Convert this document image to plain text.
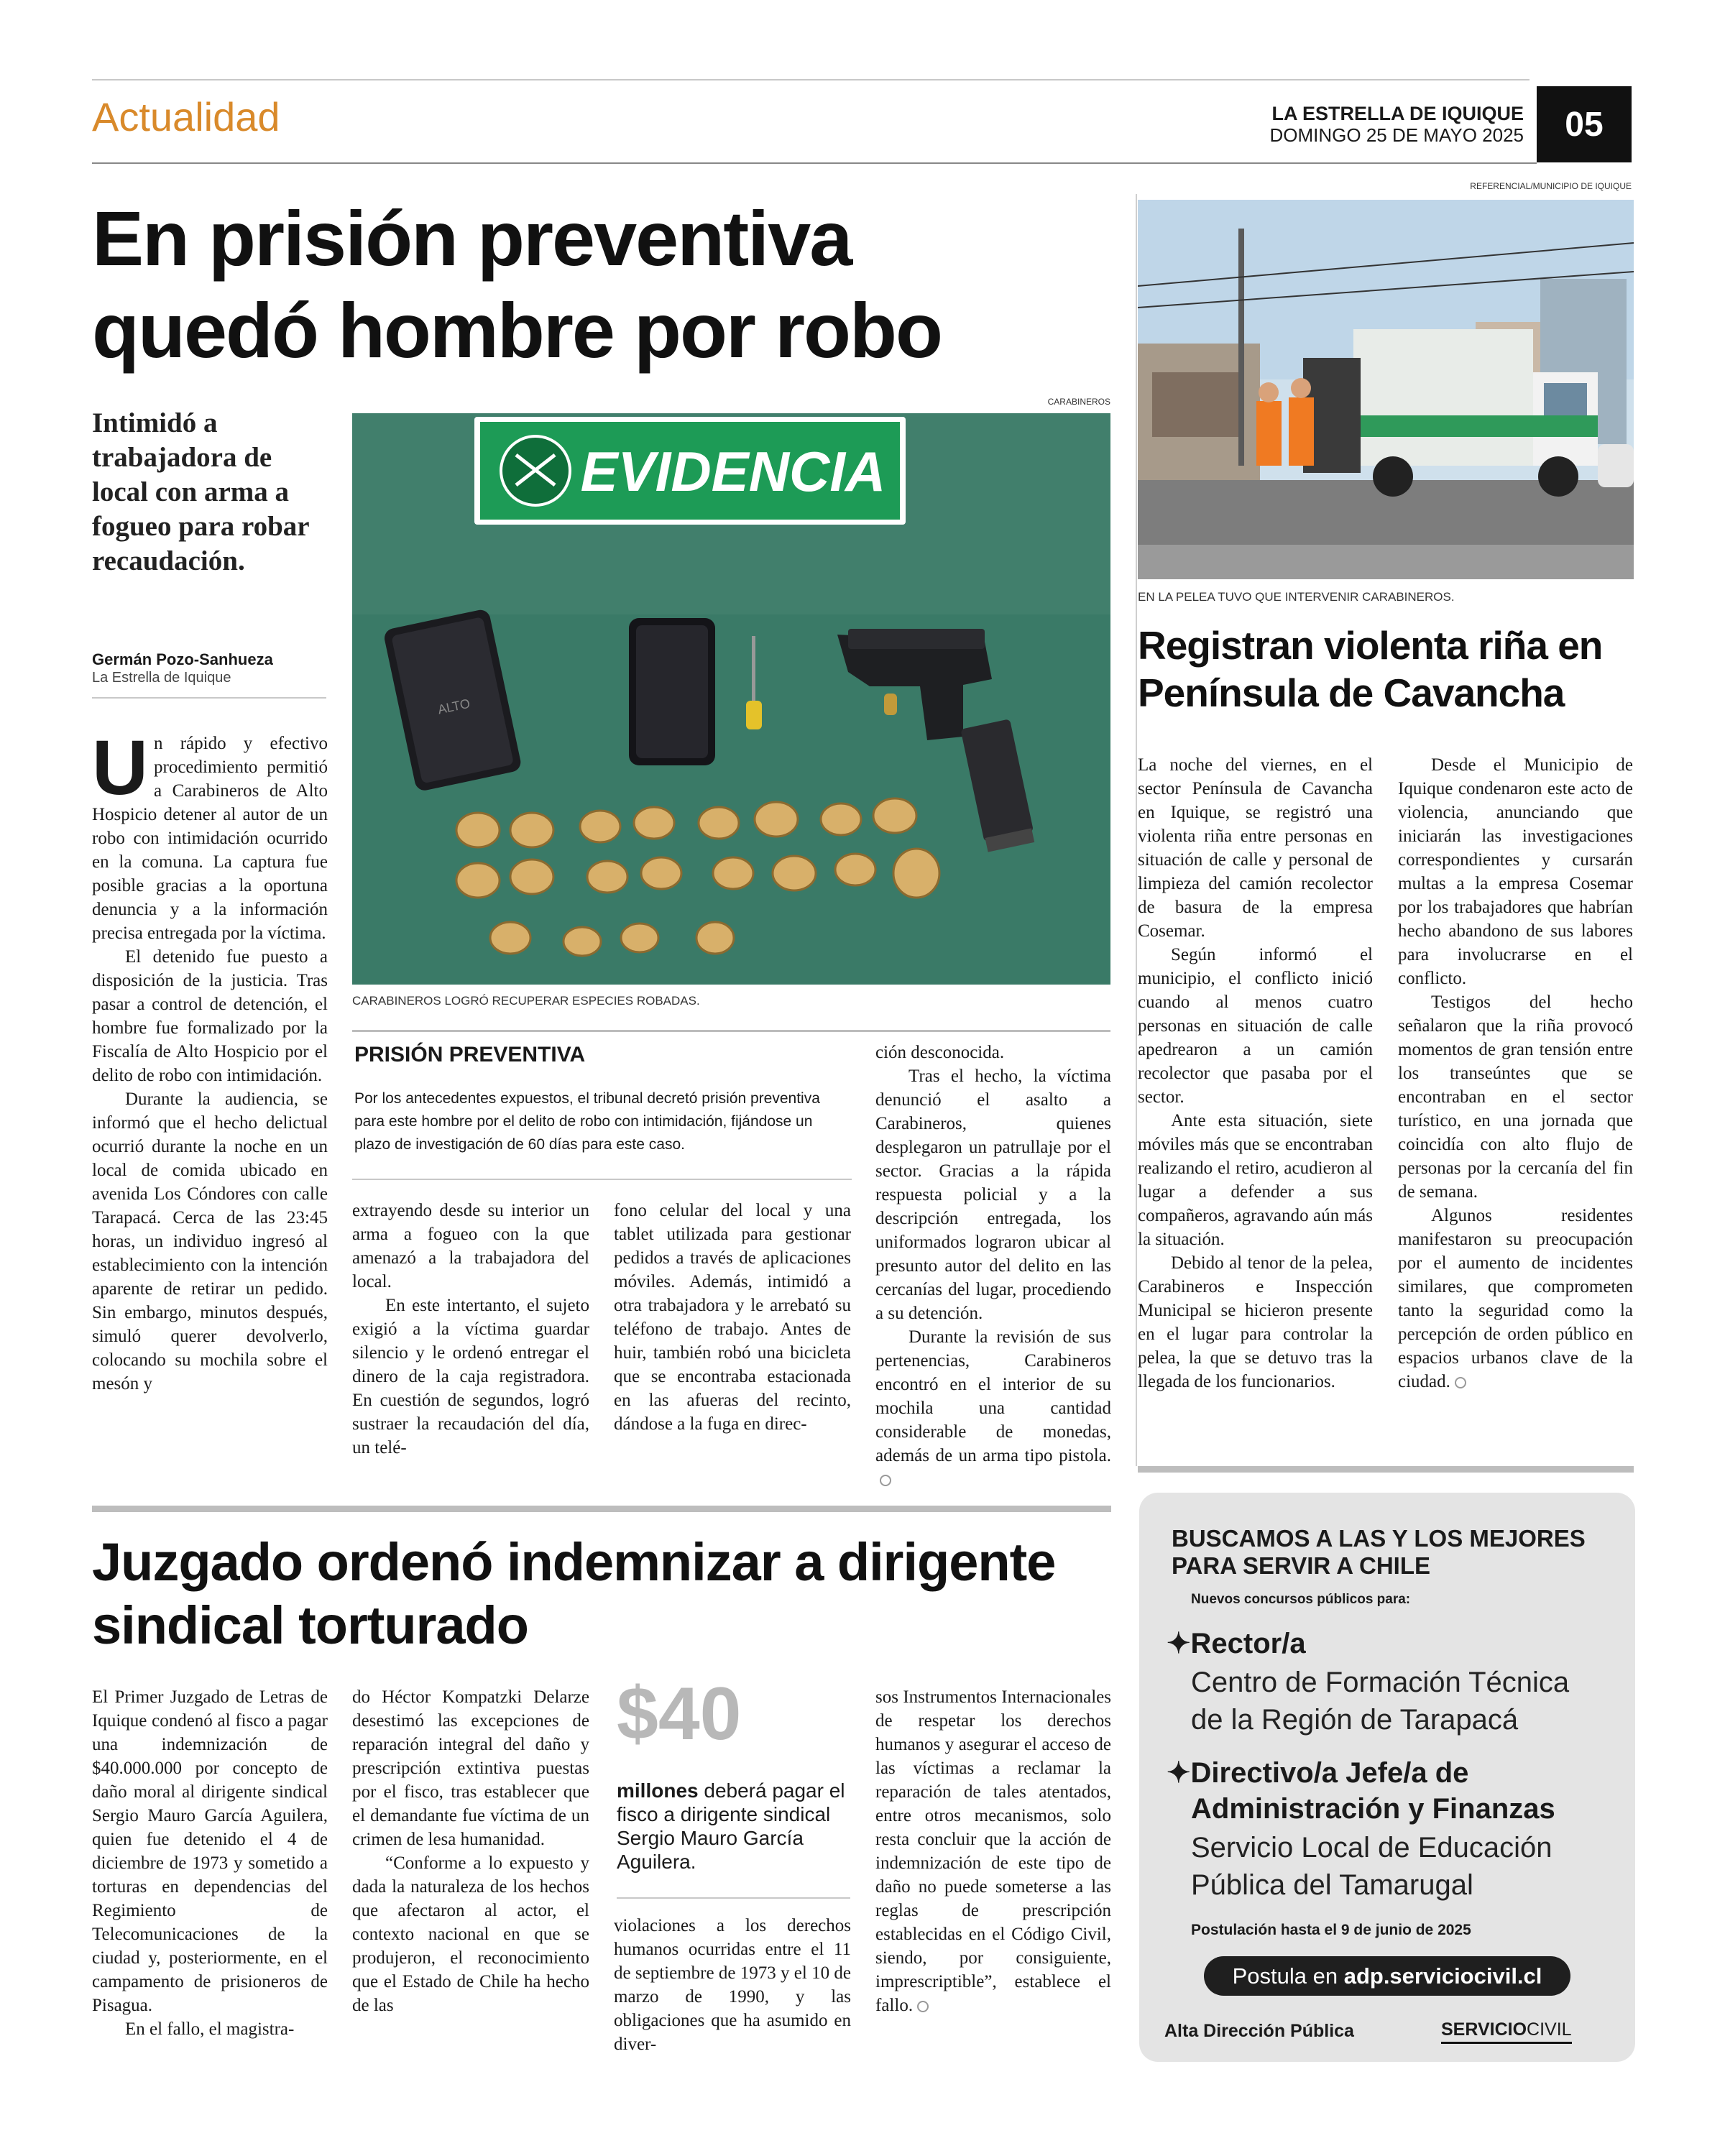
Actualidad	LA ESTRELLA DE IQUIQUE
DOMINGO 25 DE MAYO 2025	05
En prisión preventiva
quedó hombre por robo
Intimidó a trabajadora de local con arma a fogueo para robar recaudación.
Germán Pozo-Sanhueza
La Estrella de Iquique
CARABINEROS
EVIDENCIA
ALTO
CARABINEROS LOGRÓ RECUPERAR ESPECIES ROBADAS.

Un rápido y efectivo procedimiento permitió a Carabineros de Alto Hospicio detener al autor de un robo con intimidación ocurrido en la comuna. La captura fue posible gracias a la oportuna denuncia y a la información precisa entregada por la víctima.

El detenido fue puesto a disposición de la justicia. Tras pasar a control de detención, el hombre fue formalizado por la Fiscalía de Alto Hospicio por el delito de robo con intimidación.

Durante la audiencia, se informó que el hecho delictual ocurrió durante la noche en un local de comida ubicado en avenida Los Cóndores con calle Tarapacá. Cerca de las 23:45 horas, un individuo ingresó al establecimiento con la intención aparente de retirar un pedido. Sin embargo, minutos después, simuló querer devolverlo, colocando su mochila sobre el mesón y

PRISIÓN PREVENTIVA
Por los antecedentes expuestos, el tribunal decretó prisión preventiva para este hombre por el delito de robo con intimidación, fijándose un plazo de investigación de 60 días para este caso.

extrayendo desde su interior un arma a fogueo con la que amenazó a la trabajadora del local.

En este intertanto, el sujeto exigió a la víctima guardar silencio y le ordenó entregar el dinero de la caja registradora. En cuestión de segundos, logró sustraer la recaudación del día, un telé-

fono celular del local y una tablet utilizada para gestionar pedidos a través de aplicaciones móviles. Además, intimidó a otra trabajadora y le arrebató su teléfono de trabajo. Antes de huir, también robó una bicicleta que se encontraba estacionada en las afueras del recinto, dándose a la fuga en direc-

ción desconocida.

Tras el hecho, la víctima denunció el asalto a Carabineros, quienes desplegaron un patrullaje por el sector. Gracias a la rápida respuesta policial y a la descripción entregada, los uniformados lograron ubicar al presunto autor del delito en las cercanías del lugar, procediendo a su detención.

Durante la revisión de sus pertenencias, Carabineros encontró en el interior de su mochila una cantidad considerable de monedas, además de un arma tipo pistola.

REFERENCIAL/MUNICIPIO DE IQUIQUE
EN LA PELEA TUVO QUE INTERVENIR CARABINEROS.
Registran violenta riña en
Península de Cavancha

La noche del viernes, en el sector Península de Cavancha en Iquique, se registró una violenta riña entre personas en situación de calle y personal de limpieza del camión recolector de basura de la empresa Cosemar.

Según informó el municipio, el conflicto inició cuando al menos cuatro personas en situación de calle apedrearon a un camión recolector que pasaba por el sector.

Ante esta situación, siete móviles más que se encontraban realizando el retiro, acudieron al lugar a defender a sus compañeros, agravando aún más la situación.

Debido al tenor de la pelea, Carabineros e Inspección Municipal se hicieron presente en el lugar para controlar la pelea, la que se detuvo tras la llegada de los funcionarios.

Desde el Municipio de Iquique condenaron este acto de violencia, anunciando que iniciarán las investigaciones correspondientes y cursarán multas a la empresa Cosemar por los trabajadores que habrían hecho abandono de sus labores para involucrarse en el conflicto.

Testigos del hecho señalaron que la riña provocó momentos de gran tensión entre los transeúntes que se encontraban en el sector turístico, en una jornada que coincidía con alto flujo de personas por la cercanía del fin de semana.

Algunos residentes manifestaron su preocupación por el aumento de incidentes similares, que comprometen tanto la seguridad como la percepción de orden público en espacios urbanos clave de la ciudad.

Juzgado ordenó indemnizar a dirigente
sindical torturado

El Primer Juzgado de Letras de Iquique condenó al fisco a pagar una indemnización de $40.000.000 por concepto de daño moral al dirigente sindical Sergio Mauro García Aguilera, quien fue detenido el 4 de diciembre de 1973 y sometido a torturas en dependencias del Regimiento de Telecomunicaciones de la ciudad y, posteriormente, en el campamento de prisioneros de Pisagua.

En el fallo, el magistra-

do Héctor Kompatzki Delarze desestimó las excepciones de reparación integral del daño y prescripción extintiva puestas por el fisco, tras establecer que el demandante fue víctima de un crimen de lesa humanidad.

“Conforme a lo expuesto y dada la naturaleza de los hechos que afectaron al actor, el contexto nacional en que se produjeron, el reconocimiento que el Estado de Chile ha hecho de las

$40
millones deberá pagar el fisco a dirigente sindical Sergio Mauro García Aguilera.

violaciones a los derechos humanos ocurridas entre el 11 de septiembre de 1973 y el 10 de marzo de 1990, y las obligaciones que ha asumido en diver-

sos Instrumentos Internacionales de respetar los derechos humanos y asegurar el acceso de las víctimas a reclamar la reparación de tales atentados, entre otros mecanismos, solo resta concluir que la acción de indemnización de este tipo de daño no puede someterse a las reglas de prescripción establecidas en el Código Civil, siendo, por consiguiente, imprescriptible”, establece el fallo.

BUSCAMOS A LAS Y LOS MEJORES
PARA SERVIR A CHILE
Nuevos concursos públicos para:
✦Rector/a
Centro de Formación Técnica
de la Región de Tarapacá
✦Directivo/a Jefe/a de
Administración y Finanzas
Servicio Local de Educación
Pública del Tamarugal
Postulación hasta el 9 de junio de 2025
Postula en adp.serviciocivil.cl
Alta Dirección Pública	SERVICIOCIVIL
